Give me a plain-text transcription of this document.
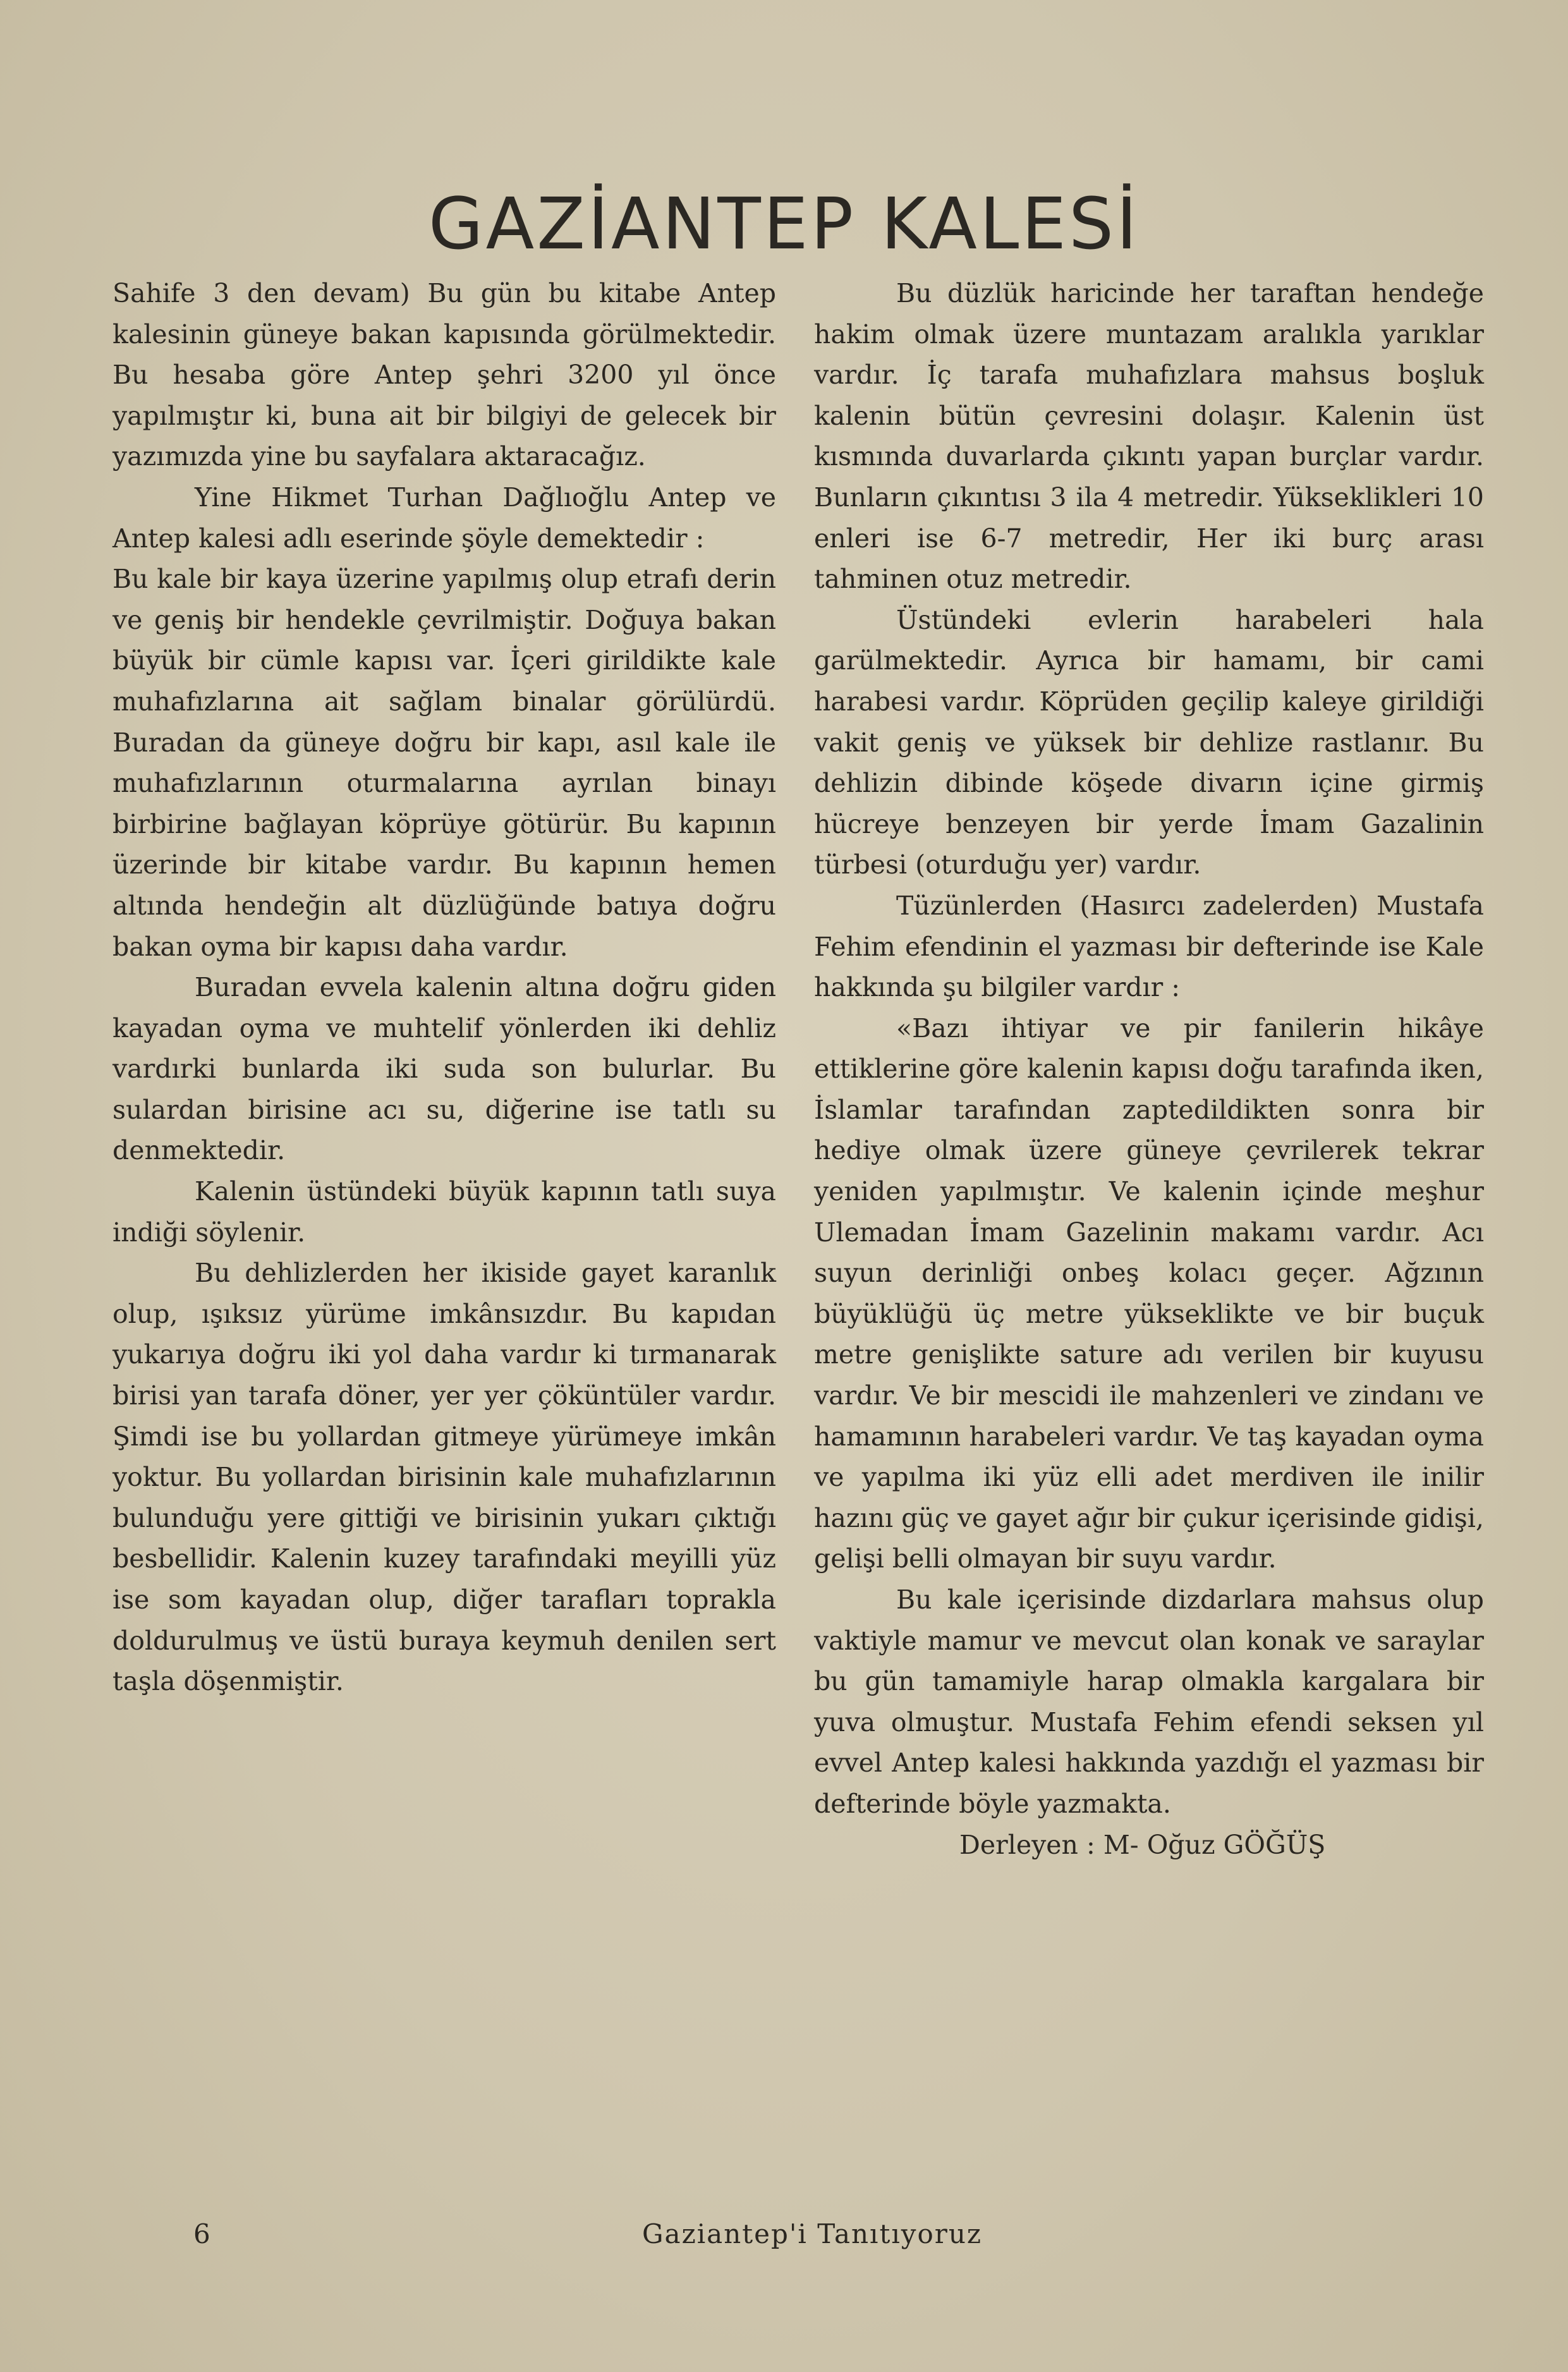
GAZİANTEP KALESİ

Sahife 3 den devam) Bu gün bu kitabe Antep kalesinin güneye bakan kapısında görülmektedir. Bu hesaba göre Antep şehri 3200 yıl önce yapılmıştır ki, buna ait bir bilgiyi de gelecek bir yazımızda yine bu sayfalara aktaracağız.

Yine Hikmet Turhan Dağlıoğlu Antep ve Antep kalesi adlı eserinde şöyle demektedir :

Bu kale bir kaya üzerine yapılmış olup etrafı derin ve geniş bir hendekle çevrilmiştir. Doğuya bakan büyük bir cümle kapısı var. İçeri girildikte kale muhafızlarına ait sağlam binalar görülürdü. Buradan da güneye doğru bir kapı, asıl kale ile muhafızlarının oturmalarına ayrılan binayı birbirine bağlayan köprüye götürür. Bu kapının üzerinde bir kitabe vardır. Bu kapının hemen altında hendeğin alt düzlüğünde batıya doğru bakan oyma bir kapısı daha vardır.

Buradan evvela kalenin altına doğru giden kayadan oyma ve muhtelif yönlerden iki dehliz vardırki bunlarda iki suda son bulurlar. Bu sulardan birisine acı su, diğerine ise tatlı su denmektedir.

Kalenin üstündeki büyük kapının tatlı suya indiği söylenir.

Bu dehlizlerden her ikiside gayet karanlık olup, ışıksız yürüme imkânsızdır. Bu kapıdan yukarıya doğru iki yol daha vardır ki tırmanarak birisi yan tarafa döner, yer yer çöküntüler vardır. Şimdi ise bu yollardan gitmeye yürümeye imkân yoktur. Bu yollardan birisinin kale muhafızlarının bulunduğu yere gittiği ve birisinin yukarı çıktığı besbellidir. Kalenin kuzey tarafındaki meyilli yüz ise som kayadan olup, diğer tarafları toprakla doldurulmuş ve üstü buraya keymuh denilen sert taşla döşenmiştir.

Bu düzlük haricinde her taraftan hendeğe hakim olmak üzere muntazam aralıkla yarıklar vardır. İç tarafa muhafızlara mahsus boşluk kalenin bütün çevresini dolaşır. Kalenin üst kısmında duvarlarda çıkıntı yapan burçlar vardır. Bunların çıkıntısı 3 ila 4 metredir. Yükseklikleri 10 enleri ise 6-7 metredir, Her iki burç arası tahminen otuz metredir.

Üstündeki evlerin harabeleri hala garülmektedir. Ayrıca bir hamamı, bir cami harabesi vardır. Köprüden geçilip kaleye girildiği vakit geniş ve yüksek bir dehlize rastlanır. Bu dehlizin dibinde köşede divarın içine girmiş hücreye benzeyen bir yerde İmam Gazalinin türbesi (oturduğu yer) vardır.

Tüzünlerden (Hasırcı zadelerden) Mustafa Fehim efendinin el yazması bir defterinde ise Kale hakkında şu bilgiler vardır :

«Bazı ihtiyar ve pir fanilerin hikâye ettiklerine göre kalenin kapısı doğu tarafında iken, İslamlar tarafından zaptedildikten sonra bir hediye olmak üzere güneye çevrilerek tekrar yeniden yapılmıştır. Ve kalenin içinde meşhur Ulemadan İmam Gazelinin makamı vardır. Acı suyun derinliği onbeş kolacı geçer. Ağzının büyüklüğü üç metre yükseklikte ve bir buçuk metre genişlikte sature adı verilen bir kuyusu vardır. Ve bir mescidi ile mahzenleri ve zindanı ve hamamının harabeleri vardır. Ve taş kayadan oyma ve yapılma iki yüz elli adet merdiven ile inilir hazını güç ve gayet ağır bir çukur içerisinde gidişi, gelişi belli olmayan bir suyu vardır.

Bu kale içerisinde dizdarlara mahsus olup vaktiyle mamur ve mevcut olan konak ve saraylar bu gün tamamiyle harap olmakla kargalara bir yuva olmuştur. Mustafa Fehim efendi seksen yıl evvel Antep kalesi hakkında yazdığı el yazması bir defterinde böyle yazmakta.

Derleyen : M- Oğuz GÖĞÜŞ

6	Gaziantep'i Tanıtıyoruz
